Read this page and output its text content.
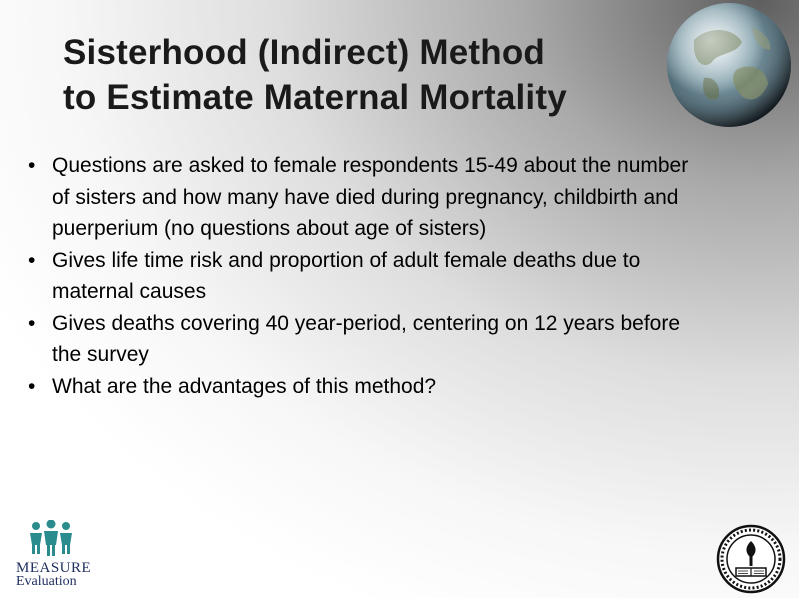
Sisterhood (Indirect) Method
to Estimate Maternal Mortality
• Questions are asked to female respondents 15-49 about the number
of sisters and how many have died during pregnancy, childbirth and
puerperium (no questions about age of sisters)
• Gives life time risk and proportion of adult female deaths due to
maternal causes
• Gives deaths covering 40 year-period, centering on 12 years before
the survey
• What are the advantages of this method?
MEASURE
Evaluation
